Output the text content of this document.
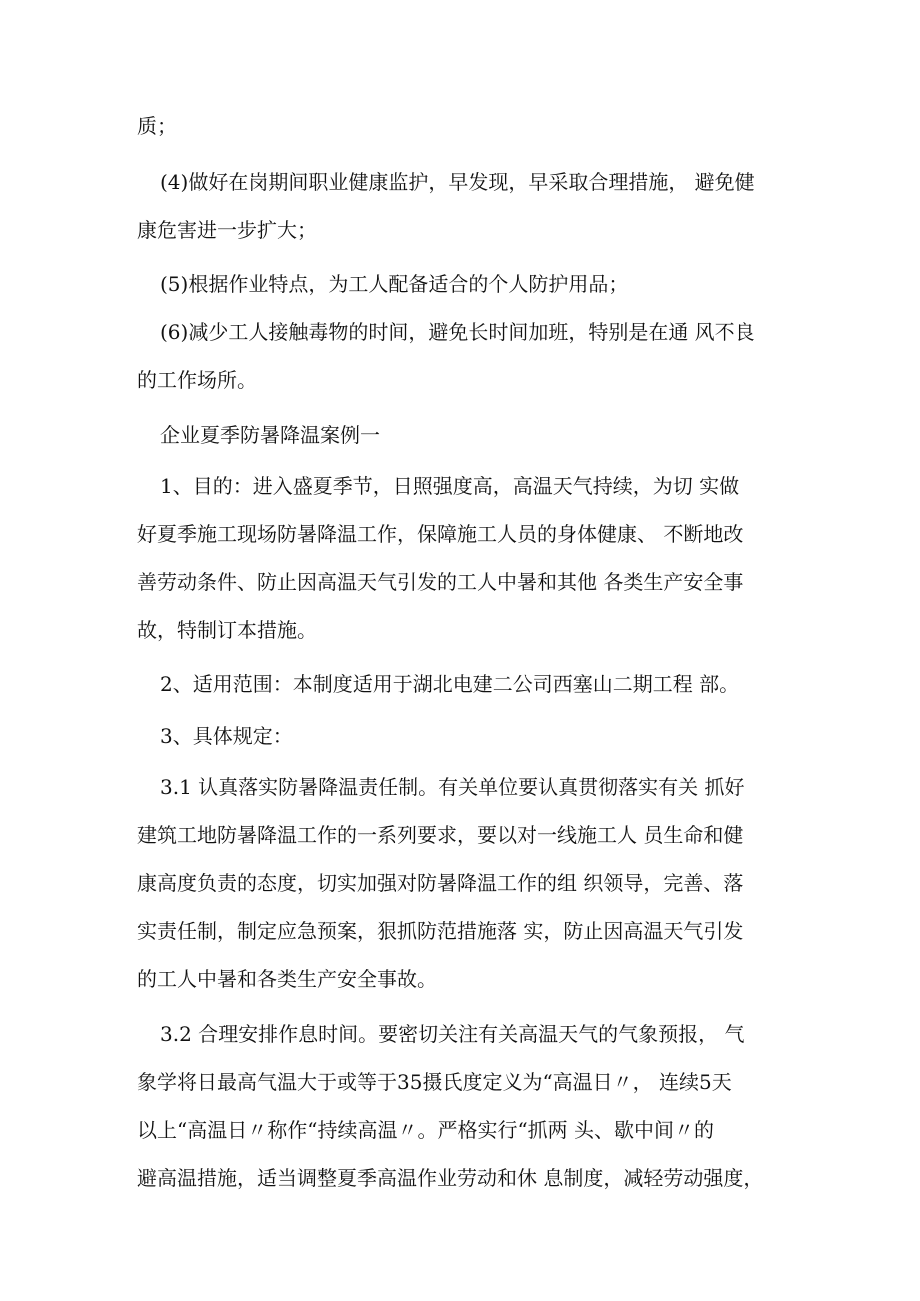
质；
(4)做好在岗期间职业健康监护，早发现，早采取合理措施， 避免健
康危害进一步扩大；
(5)根据作业特点，为工人配备适合的个人防护用品；
(6)减少工人接触毒物的时间，避免长时间加班，特别是在通 风不良
的工作场所。
企业夏季防暑降温案例一
1、目的：进入盛夏季节，日照强度高，高温天气持续，为切 实做
好夏季施工现场防暑降温工作，保障施工人员的身体健康、 不断地改
善劳动条件、防止因高温天气引发的工人中暑和其他 各类生产安全事
故，特制订本措施。
2、适用范围：本制度适用于湖北电建二公司西塞山二期工程 部。
3、具体规定：
3.1 认真落实防暑降温责任制。有关单位要认真贯彻落实有关 抓好
建筑工地防暑降温工作的一系列要求，要以对一线施工人 员生命和健
康高度负责的态度，切实加强对防暑降温工作的组 织领导，完善、落
实责任制，制定应急预案，狠抓防范措施落 实，防止因高温天气引发
的工人中暑和各类生产安全事故。
3.2 合理安排作息时间。要密切关注有关高温天气的气象预报， 气
象学将日最高气温大于或等于35摄氏度定义为“高温日〃， 连续5天
以上“高温日〃称作“持续高温〃。严格实行“抓两 头、歇中间〃的
避高温措施，适当调整夏季高温作业劳动和休 息制度，减轻劳动强度，
